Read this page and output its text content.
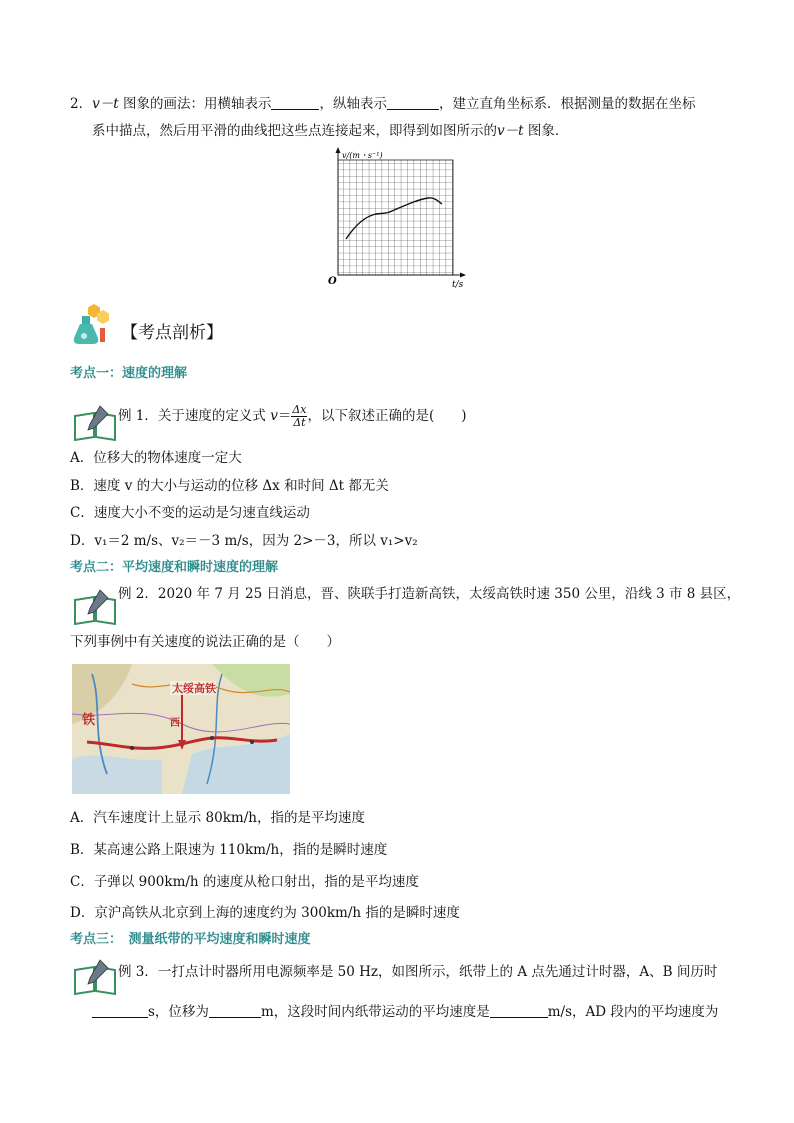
2．v－t 图象的画法：用横轴表示	，纵轴表示	，建立直角坐标系．根据测量的数据在坐标
系中描点，然后用平滑的曲线把这些点连接起来，即得到如图所示的v－t 图象．
v/(m・s⁻¹)
O	t/s
【考点剖析】
考点一：速度的理解
例 1．关于速度的定义式 $v= \frac{\Delta x}{\Delta t}$ ，以下叙述正确的是(　　)
A．位移大的物体速度一定大
B．速度 v 的大小与运动的位移 Δx 和时间 Δt 都无关
C．速度大小不变的运动是匀速直线运动
D．v₁＝2 m/s、v₂＝－3 m/s，因为 2>－3，所以 v₁>v₂
考点二：平均速度和瞬时速度的理解
例 2．2020 年 7 月 25 日消息，晋、陕联手打造新高铁，太绥高铁时速 350 公里，沿线 3 市 8 县区，
下列事例中有关速度的说法正确的是（　　）
太绥高铁
铁	西
A．汽车速度计上显示 80km/h，指的是平均速度
B．某高速公路上限速为 110km/h，指的是瞬时速度
C．子弹以 900km/h 的速度从枪口射出，指的是平均速度
D．京沪高铁从北京到上海的速度约为 300km/h 指的是瞬时速度
考点三：　测量纸带的平均速度和瞬时速度
例 3．一打点计时器所用电源频率是 50 Hz，如图所示，纸带上的 A 点先通过计时器，A、B 间历时
s，位移为	m，这段时间内纸带运动的平均速度是	m/s，AD 段内的平均速度为
